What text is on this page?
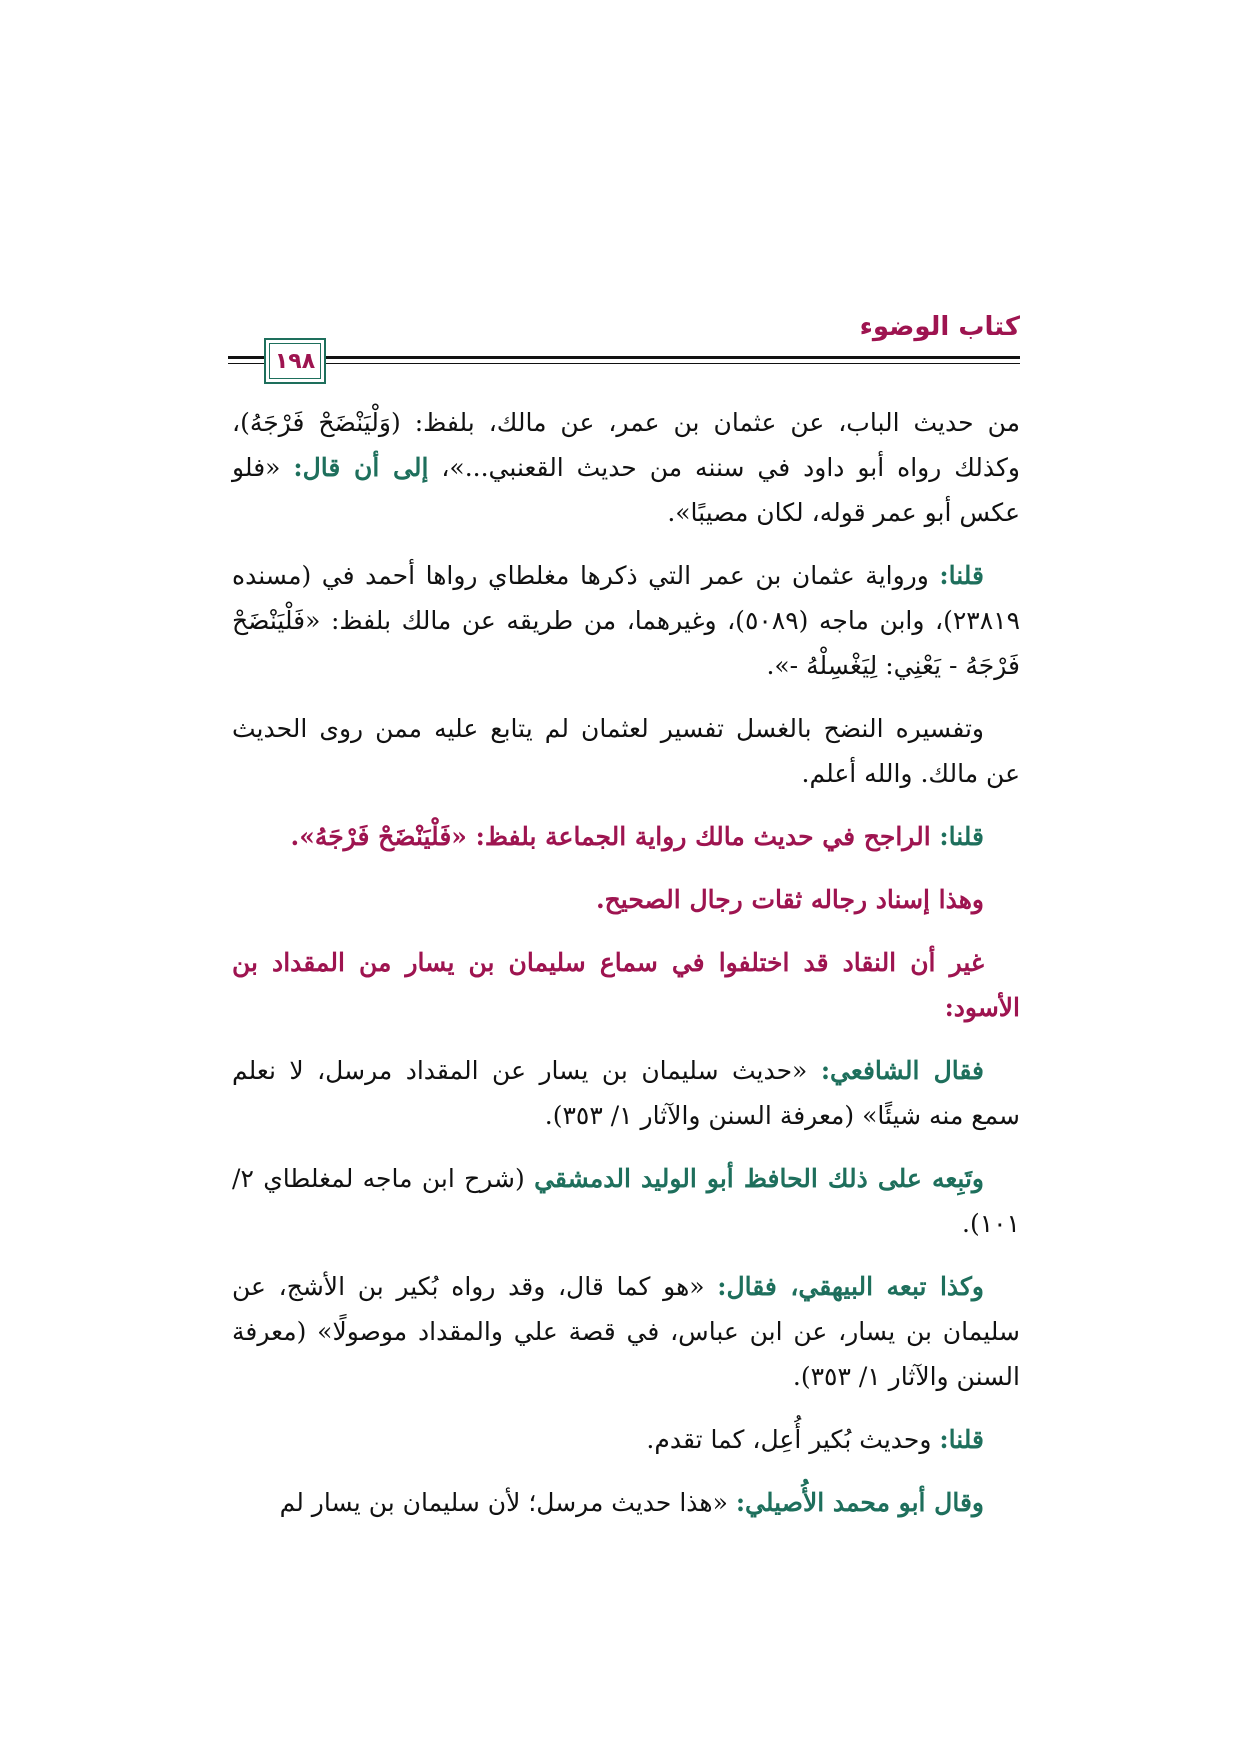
كتاب الوضوء
١٩٨

من حديث الباب، عن عثمان بن عمر، عن مالك، بلفظ: (وَلْيَنْضَحْ فَرْجَهُ)، وكذلك رواه أبو داود في سننه من حديث القعنبي...»، إلى أن قال: «فلو عكس أبو عمر قوله، لكان مصيبًا».

قلنا: ورواية عثمان بن عمر التي ذكرها مغلطاي رواها أحمد في (مسنده ٢٣٨١٩)، وابن ماجه (٥٠٨٩)، وغيرهما، من طريقه عن مالك بلفظ: «فَلْيَنْضَحْ فَرْجَهُ - يَعْنِي: لِيَغْسِلْهُ -».

وتفسيره النضح بالغسل تفسير لعثمان لم يتابع عليه ممن روى الحديث عن مالك. والله أعلم.

قلنا: الراجح في حديث مالك رواية الجماعة بلفظ: «فَلْيَنْضَحْ فَرْجَهُ».

وهذا إسناد رجاله ثقات رجال الصحيح.

غير أن النقاد قد اختلفوا في سماع سليمان بن يسار من المقداد بن الأسود:

فقال الشافعي: «حديث سليمان بن يسار عن المقداد مرسل، لا نعلم سمع منه شيئًا» (معرفة السنن والآثار ١/ ٣٥٣).

وتَبِعه على ذلك الحافظ أبو الوليد الدمشقي (شرح ابن ماجه لمغلطاي ٢/ ١٠١).

وكذا تبعه البيهقي، فقال: «هو كما قال، وقد رواه بُكير بن الأشج، عن سليمان بن يسار، عن ابن عباس، في قصة علي والمقداد موصولًا» (معرفة السنن والآثار ١/ ٣٥٣).

قلنا: وحديث بُكير أُعِل، كما تقدم.

وقال أبو محمد الأُصيلي: «هذا حديث مرسل؛ لأن سليمان بن يسار لم
